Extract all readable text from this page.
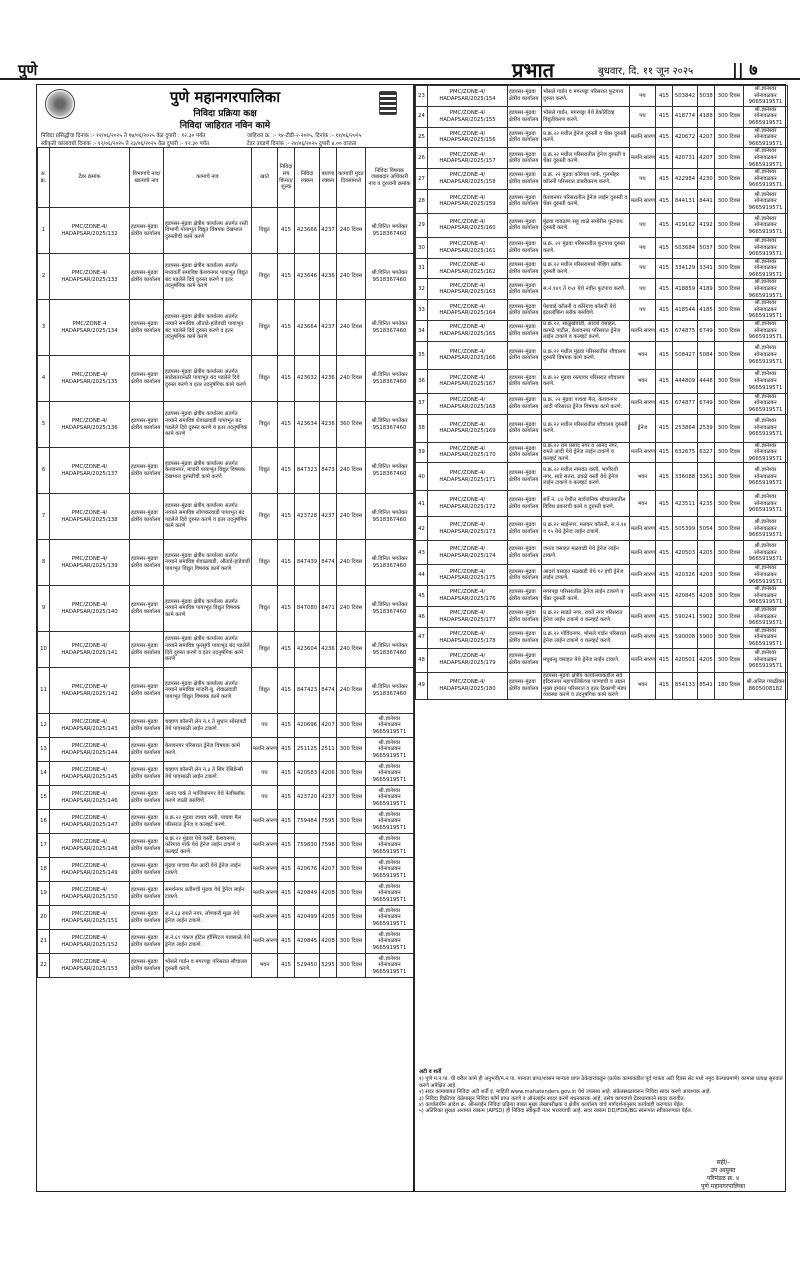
पुणे	प्रभात	बुधवार, दि. ११ जून २०२५ || ७
पुणे महानगरपालिका
निविदा प्रक्रिया कक्ष
निविदा जाहिरात नविन कामे
निविदा प्रसिद्धीचा दिनांक :- १२/०६/२०२५ ते १७/०६/२०२५ वेळ दुपारी : १२.३० पर्यंत	जाहिरात क्र. :- ९४-टीडी-२-२०२५, दिनांक :- ११/०६/२०२५
स्वीकृती कालावधी दिनांक :- १२/०६/२०२५ ते २३/०६/२०२५ वेळ दुपारी :- १२.३० पर्यंत	टेंडर उघडणे दिनांक :- २४/०६/२०२५ दुपारी ४.०० वाजता
अ. क्र.	टेंडर क्रमांक	विभागाचे नाव/ खात्याचे नाव	कामाचे नाव	खाते	निविदा संच किंमत/ शुल्क	निविदा रक्कम	बयाणा रक्कम	कामाची मुदत दिवसामध्ये	निविदा विषयक जबाबदार अधिकारी नाव व दूरध्वनी क्रमांक
1	PMC/ZONE-4/ HADAPSAR/2025/132	हडपसर-मुंढवा क्षेत्रीय कार्यालय	हडपसर-मुंढवा क्षेत्रीय कार्यालय अंतर्गत रस्ती विभागी पायाभूत विद्युत विषयक देखभाल दुरुस्तीची कामे करणे	विद्युत	415	423666	4237	240 दिवस	श्री.विनित भगतेकर 9518367460
2	PMC/ZONE-4/ HADAPSAR/2025/133	हडपसर-मुंढवा क्षेत्रीय कार्यालय	हडपसर-मुंढवा क्षेत्रीय कार्यालय अंतर्गत मध्यवर्ती समाविष्ट केशवनगर पायाभूत विद्युत बंद पडलेले दिवे दुरुस्त करणे व इतर तदनुषंगिक कामे करणे	विद्युत	415	423646	4236	240 दिवस	श्री.विनित भगतेकर 9518367460
3	PMC/ZONE-4 HADAPSAR/2025/134	हडपसर-मुंढवा क्षेत्रीय कार्यालय	हडपसर-मुंढवा क्षेत्रीय कार्यालय अंतर्गत नव्याने समाविष्ट औताडे-हांडेवाडी पायाभूत बंद पडलेले दिवे दुरुस्त करणे व इतर तदनुषंगिक कामे करणे	विद्युत	415	423664	4237	240 दिवस	श्री.विनित भगतेकर 9518367460
4	PMC/ZONE-4/ HADAPSAR/2025/135	हडपसर-मुंढवा क्षेत्रीय कार्यालय	हडपसर-मुंढवा क्षेत्रीय कार्यालय अंतर्गत साडेसतरानळी पायाभूत बंद पडलेले दिवे दुरुस्त करणे व इतर तदनुषंगिक कामे करणे	विद्युत	415	423632	4236	240 दिवस	श्री.विनित भगतेकर 9518367460
5	PMC/ZONE-4/ HADAPSAR/2025/136	हडपसर-मुंढवा क्षेत्रीय कार्यालय	हडपसर-मुंढवा क्षेत्रीय कार्यालय अंतर्गत नव्याने समाविष्ट शेवाळवाडी पायाभूत बंद पडलेले दिवे दुरुस्त करणे व इतर तदनुषंगिक कामे करणे	विद्युत	415	423634	4236	360 दिवस	श्री.विनित भगतेकर 9518367460
6	PMC/ZONE-4/ HADAPSAR/2025/137	हडपसर-मुंढवा क्षेत्रीय कार्यालय	हडपसर-मुंढवा क्षेत्रीय कार्यालय अंतर्गत केशवनगर, मांजरी पायाभूत विद्युत विषयक देखभाल दुरुस्तीची कामे करणे	विद्युत	415	847323	8473	240 दिवस	श्री.विनित भगतेकर 9518367460
7	PMC/ZONE-4/ HADAPSAR/2025/138	हडपसर-मुंढवा क्षेत्रीय कार्यालय	हडपसर-मुंढवा क्षेत्रीय कार्यालय अंतर्गत नव्याने समाविष्ट लोणकरवाडी पायाभूत बंद पडलेले दिवे दुरुस्त करणे व इतर तदनुषंगिक कामे करणे	विद्युत	415	423728	4237	240 दिवस	श्री.विनित भगतेकर 9518367460
8	PMC/ZONE-4/ HADAPSAR/2025/139	हडपसर-मुंढवा क्षेत्रीय कार्यालय	हडपसर-मुंढवा क्षेत्रीय कार्यालय अंतर्गत नव्याने समाविष्ट शेवाळवाडी, औताडे-हांडेवाडी पायाभूत विद्युत विषयक कामे करणे	विद्युत	415	847439	8474	240 दिवस	श्री.विनित भगतेकर 9518367460
9	PMC/ZONE-4/ HADAPSAR/2025/140	हडपसर-मुंढवा क्षेत्रीय कार्यालय	हडपसर-मुंढवा क्षेत्रीय कार्यालय अंतर्गत नव्याने समाविष्ट पायाभूत विद्युत विषयक कामे करणे	विद्युत	415	847080	8471	240 दिवस	श्री.विनित भगतेकर 9518367460
10	PMC/ZONE-4/ HADAPSAR/2025/141	हडपसर-मुंढवा क्षेत्रीय कार्यालय	हडपसर-मुंढवा क्षेत्रीय कार्यालय अंतर्गत नव्याने समाविष्ट फुरसुंगी पायाभूत बंद पडलेले दिवे दुरुस्त करणे व इतर तदनुषंगिक कामे करणे	विद्युत	415	423604	4236	240 दिवस	श्री.विनित भगतेकर 9518367460
11	PMC/ZONE-4/ HADAPSAR/2025/142	हडपसर-मुंढवा क्षेत्रीय कार्यालय	हडपसर-मुंढवा क्षेत्रीय कार्यालय अंतर्गत नव्याने समाविष्ट मांजरी-बु. शेवाळवाडी पायाभूत विद्युत विषयक कामे करणे	विद्युत	415	847423	8474	240 दिवस	श्री.विनित भगतेकर 9518367460
12	PMC/ZONE-4/ HADAPSAR/2025/143	हडपसर-मुंढवा क्षेत्रीय कार्यालय	चव्हाण कॉलनी लेन नं.१ ते सुधान सोसायटी येथे पावसाळी लाईन टाकणे.	पथ	415	420696	4207	300 दिवस	श्री.ज्ञानेश्वर सोनावळकर 9665919571
13	PMC/ZONE-4/ HADAPSAR/2025/144	हडपसर-मुंढवा क्षेत्रीय कार्यालय	केशवनगर परिसरात ड्रेनेज विषयक कामे करणे.	मलनि:सारण	415	251125	2511	300 दिवस	श्री.ज्ञानेश्वर सोनावळकर 9665919571
14	PMC/ZONE-4/ HADAPSAR/2025/145	हडपसर-मुंढवा क्षेत्रीय कार्यालय	चव्हाण कॉलनी लेन नं.३ ते सिंग रेसिडेन्सी येथे पावसाळी लाईन टाकणे.	पथ	415	420583	4206	300 दिवस	श्री.ज्ञानेश्वर सोनावळकर 9665919571
15	PMC/ZONE-4/ HADAPSAR/2025/146	हडपसर-मुंढवा क्षेत्रीय कार्यालय	आनंद पार्क ते भाजियांनगर येथे फेवीब्लॉक करणे जाळी बसविणे.	पथ	415	423720	4237	300 दिवस	श्री.ज्ञानेश्वर सोनावळकर 9665919571
16	PMC/ZONE-4/ HADAPSAR/2025/147	हडपसर-मुंढवा क्षेत्रीय कार्यालय	प्र.क्र.२२ मुंढवा जाधव वस्ती, पाचवा मैल परिसरात ड्रेनेज व कल्व्हर्ट करणे.	मलनि:सारण	415	759484	7595	300 दिवस	श्री.ज्ञानेश्वर सोनावळकर 9665919571
17	PMC/ZONE-4/ HADAPSAR/2025/148	हडपसर-मुंढवा क्षेत्रीय कार्यालय	प्र.क्र.२२ मुंढवा येथे वस्ती, केशवनगर, कोरेगाव पार्क येथे ड्रेनेज लाईन टाकणे व कल्व्हर्ट करणे.	मलनि:सारण	415	759830	7598	300 दिवस	श्री.ज्ञानेश्वर सोनावळकर 9665919571
18	PMC/ZONE-4/ HADAPSAR/2025/149	हडपसर-मुंढवा क्षेत्रीय कार्यालय	मुंढवा पाचवा मैल आदी येथे ड्रेनेज लाईन टाकणे.	मलनि:सारण	415	420676	4207	300 दिवस	श्री.ज्ञानेश्वर सोनावळकर 9665919571
19	PMC/ZONE-4/ HADAPSAR/2025/150	हडपसर-मुंढवा क्षेत्रीय कार्यालय	समर्थनगर बतीमची मुंढवा येथे ड्रेनेज लाईन टाकणे.	मलनि:सारण	415	420849	4208	300 दिवस	श्री.ज्ञानेश्वर सोनावळकर 9665919571
20	PMC/ZONE-4/ HADAPSAR/2025/151	हडपसर-मुंढवा क्षेत्रीय कार्यालय	स.नं.६३ रायते नगर, लोणकरी मुळा येथे ड्रेनेज लाईन टाकणे.	मलनि:सारण	415	420499	4205	300 दिवस	श्री.ज्ञानेश्वर सोनावळकर 9665919571
21	PMC/ZONE-4/ HADAPSAR/2025/152	हडपसर-मुंढवा क्षेत्रीय कार्यालय	स.नं.६९ पंकज हॉटेल हॉस्पिटल पावसाळे येथे ड्रेनेज लाईन टाकणे.	मलनि:सारण	415	420845	4208	300 दिवस	श्री.ज्ञानेश्वर सोनावळकर 9665919571
22	PMC/ZONE-4/ HADAPSAR/2025/153	हडपसर-मुंढवा क्षेत्रीय कार्यालय	भोसले गार्डन व मगरपट्टा परिसरात सौचालय दुरुस्ती करणे.	भवन	415	529450	5295	300 दिवस	श्री.ज्ञानेश्वर सोनावळकर 9665919571
23	PMC/ZONE-4/ HADAPSAR/2025/154	हडपसर-मुंढवा क्षेत्रीय कार्यालय	भोसले गार्डन व मगरपट्टा परिसरात फुटपाथ दुरुस्त करणे.	पथ	415	503842	5038	300 दिवस	श्री.ज्ञानेश्वर सोनावळकर 9665919571
24	PMC/ZONE-4/ HADAPSAR/2025/155	हडपसर-मुंढवा क्षेत्रीय कार्यालय	भोसले गार्डन, मगरपट्टा येथे डेकोरेटिव्ह विद्युतीकरण करणे.	पथ	415	418774	4188	300 दिवस	श्री.ज्ञानेश्वर सोनावळकर 9665919571
25	PMC/ZONE-4/ HADAPSAR/2025/156	हडपसर-मुंढवा क्षेत्रीय कार्यालय	प्र.क्र.२२ मधील ड्रेनेज दुरुस्ती व चेंबर दुरुस्ती करणे.	मलनि:सारण	415	420672	4207	300 दिवस	श्री.ज्ञानेश्वर सोनावळकर 9665919571
26	PMC/ZONE-4/ HADAPSAR/2025/157	हडपसर-मुंढवा क्षेत्रीय कार्यालय	प्र.क्र.२२ मधील परिसरातील ड्रेनेज दुरुस्ती व चेंबर दुरुस्ती करणे.	मलनि:सारण	415	420731	4207	300 दिवस	श्री.ज्ञानेश्वर सोनावळकर 9665919571
27	PMC/ZONE-4/ HADAPSAR/2025/158	हडपसर-मुंढवा क्षेत्रीय कार्यालय	प्र.क्र. २२ मुंढवा कोरेगाव पार्क, गुलमोहर कॉलनी परिसरात डांबरीकरण करणे.	पथ	415	422984	4230	300 दिवस	श्री.ज्ञानेश्वर सोनावळकर 9665919571
28	PMC/ZONE-4/ HADAPSAR/2025/159	हडपसर-मुंढवा क्षेत्रीय कार्यालय	केशवनगर परिसरातील ड्रेनेज लाईन दुरुस्ती व चेंबर दुरुस्ती करणे.	मलनि:सारण	415	844131	8441	300 दिवस	श्री.ज्ञानेश्वर सोनावळकर 9665919571
29	PMC/ZONE-4/ HADAPSAR/2025/160	हडपसर-मुंढवा क्षेत्रीय कार्यालय	मुंढवा गावठाण सहू शाळे समोरील फुटपाथ दुरुस्ती करणे.	पथ	415	419162	4192	300 दिवस	श्री.ज्ञानेश्वर सोनावळकर 9665919571
30	PMC/ZONE-4/ HADAPSAR/2025/161	हडपसर-मुंढवा क्षेत्रीय कार्यालय	प्र.क्र. २२ मुंढवा परिसरातील फुटपाथ दुरुस्त करणे.	पथ	415	503684	5037	300 दिवस	श्री.ज्ञानेश्वर सोनावळकर 9665919571
31	PMC/ZONE-4/ HADAPSAR/2025/162	हडपसर-मुंढवा क्षेत्रीय कार्यालय	प्र.क्र.२२ मधील परिसरामध्ये पेव्हिंग ब्लॉक दुरुस्ती करणे.	पथ	415	334129	3341	300 दिवस	श्री.ज्ञानेश्वर सोनावळकर 9665919571
32	PMC/ZONE-4/ HADAPSAR/2025/163	हडपसर-मुंढवा क्षेत्रीय कार्यालय	स.नं.१४९ ते १५१ येथे नवीन फुटपाथ करणे.	पथ	415	418859	4189	300 दिवस	श्री.ज्ञानेश्वर सोनावळकर 9665919571
33	PMC/ZONE-4/ HADAPSAR/2025/164	हडपसर-मुंढवा क्षेत्रीय कार्यालय	पेशवाई कॉलनी व कोरेगाव कॉलनी येथे इंटरलॉकिंग ब्लॉक बसविणे.	पथ	415	418544	4185	300 दिवस	श्री.ज्ञानेश्वर सोनावळकर 9665919571
34	PMC/ZONE-4/ HADAPSAR/2025/165	हडपसर-मुंढवा क्षेत्रीय कार्यालय	प्र.क्र.२२, साळुंखेवाडी, आदर्श वसाहत, कामठे पाटील, केशवनगर परिसरात ड्रेनेज लाईन टाकणे व कल्व्हर्ट करणे.	मलनि:सारण	415	674875	6749	300 दिवस	श्री.ज्ञानेश्वर सोनावळकर 9665919571
35	PMC/ZONE-4/ HADAPSAR/2025/166	हडपसर-मुंढवा क्षेत्रीय कार्यालय	प्र.क्र.२२ मधील मुंढवा परिसरातील शौचालय दुरुस्ती विषयक कामे करणे.	भवन	415	508427	5084	300 दिवस	श्री.ज्ञानेश्वर सोनावळकर 9665919571
36	PMC/ZONE-4/ HADAPSAR/2025/167	हडपसर-मुंढवा क्षेत्रीय कार्यालय	प्र.क्र.२२ मुंढवा रस्त्यावर परिसरात शौचालय करणे.	भवन	415	444809	4448	300 दिवस	श्री.ज्ञानेश्वर सोनावळकर 9665919571
37	PMC/ZONE-4/ HADAPSAR/2025/168	हडपसर-मुंढवा क्षेत्रीय कार्यालय	प्र.क्र. २२ मुंढवा पाचवा मैल, केशवनगर आदी परिसरात ड्रेनेज विषयक कामे करणे.	मलनि:सारण	415	674877	6749	300 दिवस	श्री.ज्ञानेश्वर सोनावळकर 9665919571
38	PMC/ZONE-4/ HADAPSAR/2025/169	हडपसर-मुंढवा क्षेत्रीय कार्यालय	प्र.क्र.२२ मधील परिसरातील शौचालय दुरुस्ती करणे.	ड्रेनेज	415	253864	2539	300 दिवस	श्री.ज्ञानेश्वर सोनावळकर 9665919571
39	PMC/ZONE-4/ HADAPSAR/2025/170	हडपसर-मुंढवा क्षेत्रीय कार्यालय	प्र.क्र.२२ राम प्रसाद नगर व आनंद नगर, रायते आदी येथे ड्रेनेज लाईन टाकणे व कल्व्हर्ट करणे.	मलनि:सारण	415	632675	6327	300 दिवस	श्री.ज्ञानेश्वर सोनावळकर 9665919571
40	PMC/ZONE-4/ HADAPSAR/2025/171	हडपसर-मुंढवा क्षेत्रीय कार्यालय	प्र.क्र.२२ मधील नामवंत वस्ती, भागीरथी नगर, साडे सतरा, ढवळे वस्ती येथे ड्रेनेज लाईन टाकणे व कल्व्हर्ट करणे.	भवन	415	336088	3361	300 दिवस	श्री.ज्ञानेश्वर सोनावळकर 9665919571
41	PMC/ZONE-4/ HADAPSAR/2025/172	हडपसर-मुंढवा क्षेत्रीय कार्यालय	सर्वे नं. ८४ येथील सार्वजनिक शौचालयातील विविध प्रकारची कामे व दुरुस्ती करणे.	भवन	415	423511	4235	300 दिवस	श्री.ज्ञानेश्वर सोनावळकर 9665919571
42	PMC/ZONE-4/ HADAPSAR/2025/173	हडपसर-मुंढवा क्षेत्रीय कार्यालय	प्र.क्र.२२ साईनगर, मलकर कॉलनी, स.नं.१४ व १५ येथे ड्रेनेज लाईन टाकणे.	मलनि:सारण	415	505399	5054	300 दिवस	श्री.ज्ञानेश्वर सोनावळकर 9665919571
43	PMC/ZONE-4/ HADAPSAR/2025/174	हडपसर-मुंढवा क्षेत्रीय कार्यालय	जनता वसाहत मळवाडी येथे ड्रेनेज लाईन टाकणे.	मलनि:सारण	415	420503	4205	300 दिवस	श्री.ज्ञानेश्वर सोनावळकर 9665919571
44	PMC/ZONE-4/ HADAPSAR/2025/175	हडपसर-मुंढवा क्षेत्रीय कार्यालय	आदर्श वसाहत मळवाडी येथे १२ इंची ड्रेनेज लाईन टाकणे.	मलनि:सारण	415	420326	4203	300 दिवस	श्री.ज्ञानेश्वर सोनावळकर 9665919571
45	PMC/ZONE-4/ HADAPSAR/2025/176	हडपसर-मुंढवा क्षेत्रीय कार्यालय	मगरपट्टा परिसरातील ड्रेनेज लाईन टाकणे व चेंबर दुरुस्ती करणे.	मलनि:सारण	415	420845	4208	300 दिवस	श्री.ज्ञानेश्वर सोनावळकर 9665919571
46	PMC/ZONE-4/ HADAPSAR/2025/177	हडपसर-मुंढवा क्षेत्रीय कार्यालय	प्र.क्र.२२ साडते नगर, रायते नगर परिसरात ड्रेनेज लाईन टाकणे व कल्व्हर्ट करणे.	मलनि:सारण	415	590241	5902	300 दिवस	श्री.ज्ञानेश्वर सोनावळकर 9665919571
47	PMC/ZONE-4/ HADAPSAR/2025/178	हडपसर-मुंढवा क्षेत्रीय कार्यालय	प्र.क्र.२२ गोविंदनगर, भोसले गार्डन परिसरात ड्रेनेज लाईन टाकणे व कल्व्हर्ट करणे.	मलनि:सारण	415	590008	5900	300 दिवस	श्री.ज्ञानेश्वर सोनावळकर 9665919571
48	PMC/ZONE-4/ HADAPSAR/2025/179	हडपसर-मुंढवा क्षेत्रीय कार्यालय	मधुबन्धु वसाहत येथे ड्रेनेज लाईन टाकणे.	मलनि:सारण	415	420501	4205	300 दिवस	श्री.ज्ञानेश्वर सोनावळकर 9665919571
49	PMC/ZONE-4/ HADAPSAR/2025/180	हडपसर-मुंढवा क्षेत्रीय कार्यालय	हडपसर-मुंढवा क्षेत्रीय कार्यालयाकडील सर्व इंदिरानगर महापालिकेच्या पाण्याची व उद्यान मुख्य इमारत परिसरात व इतर ठिकाणी मंडप व्यवस्था करणे व तदनुषंगिक कामे करणे	भवन	415	854133	8541	180 दिवस	श्री.अनिल गवळीकर 8605008182
अटी व शर्ती
१) पुणे म.न.पा. ची वरील कामे ही अनुभवी/म.न.पा. मान्यता प्राप्त/शासन मान्यता प्राप्त ठेकेदारांकडून (प्रत्येक कामाकडील पूर्व पात्रता अटी दिवस सेट मध्ये नमुद केल्याप्रमाणे) कामास प्रत्यक्ष सुरुवात करणे अपेक्षित आहे.
२) सदर कामाबाबत निविदा अटी शर्ती इ. माहिती www.mahatenders.gov.in येथे उपलब्ध आहे. संकेतस्थळावरून निविदा सादर करणे आवश्यक आहे.
३) निविदा विक्रीच्या वेळेपासून निविदा फॉर्म प्राप्त करणे व ऑनलाईन सादर करणे बंधनकारक आहे. तसेच कागदपत्रे टेंडरधारकाने सादर करावीत.
४) कार्यालयीन आदेश क्र. ऑनलाईन निविदा प्रक्रिया बाबत मुख्य लेखापरीक्षक व क्षेत्रीय कार्यालय यांचे मार्गदर्शनानुसार कार्यवाही करण्यात येईल.
५) अतिरिक्त सुरक्षा अनामत रक्कम (APSD) ही निविदा स्वीकृती नंतर भरावयाची आहे. सदर रक्कम DD/FDR/BG स्वरूपात स्वीकारण्यात येईल.
सही/-
उप आयुक्त
परिमंडळ क्र. ४
पुणे महानगरपालिका
